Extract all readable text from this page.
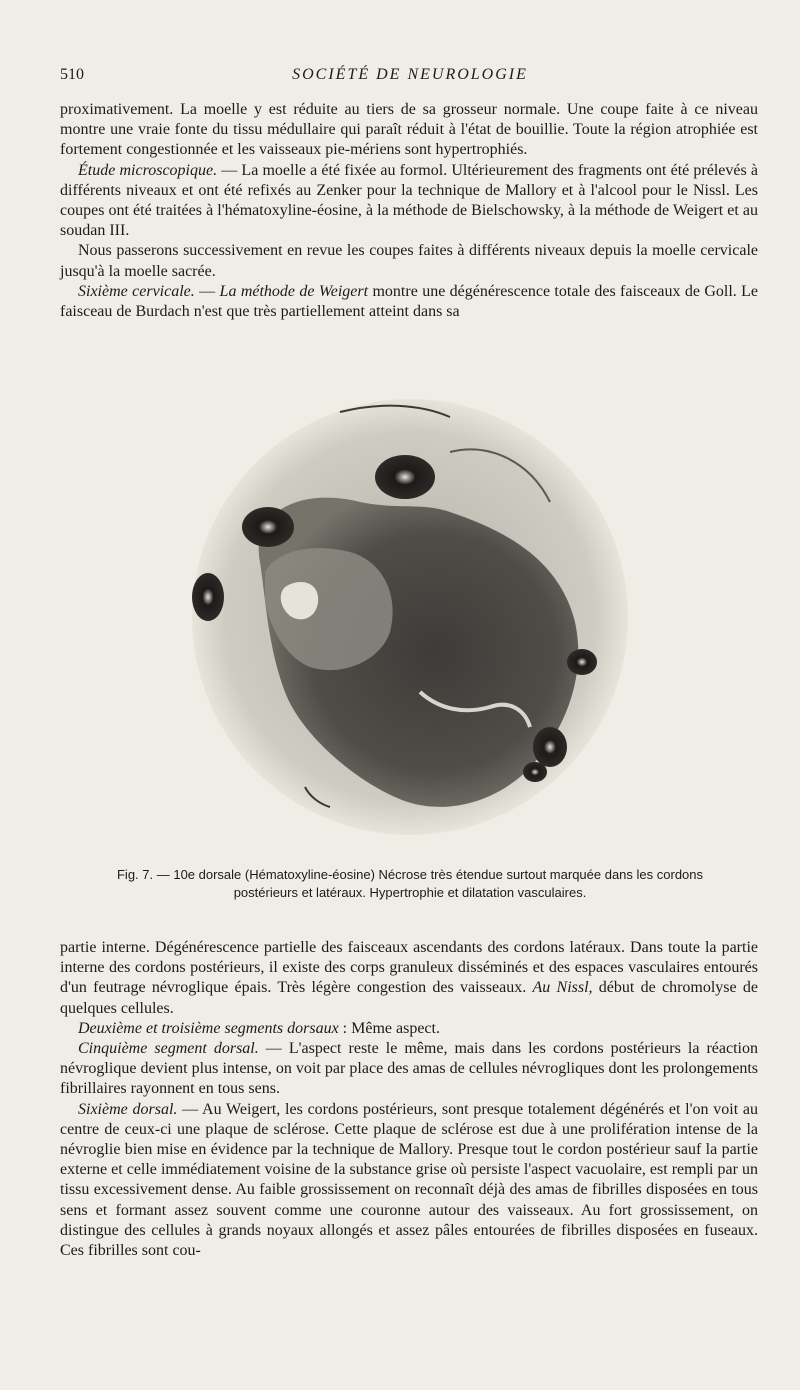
510	SOCIÉTÉ DE NEUROLOGIE

proximativement. La moelle y est réduite au tiers de sa grosseur normale. Une coupe faite à ce niveau montre une vraie fonte du tissu médullaire qui paraît réduit à l'état de bouillie. Toute la région atrophiée est fortement congestionnée et les vaisseaux pie-mériens sont hypertrophiés.

Étude microscopique. — La moelle a été fixée au formol. Ultérieurement des fragments ont été prélevés à différents niveaux et ont été refixés au Zenker pour la technique de Mallory et à l'alcool pour le Nissl. Les coupes ont été traitées à l'hématoxyline-éosine, à la méthode de Bielschowsky, à la méthode de Weigert et au soudan III.

Nous passerons successivement en revue les coupes faites à différents niveaux depuis la moelle cervicale jusqu'à la moelle sacrée.

Sixième cervicale. — La méthode de Weigert montre une dégénérescence totale des faisceaux de Goll. Le faisceau de Burdach n'est que très partiellement atteint dans sa

Fig. 7. — 10e dorsale (Hématoxyline-éosine) Nécrose très étendue surtout marquée dans les cordons postérieurs et latéraux. Hypertrophie et dilatation vasculaires.

partie interne. Dégénérescence partielle des faisceaux ascendants des cordons latéraux. Dans toute la partie interne des cordons postérieurs, il existe des corps granuleux disséminés et des espaces vasculaires entourés d'un feutrage névroglique épais. Très légère congestion des vaisseaux. Au Nissl, début de chromolyse de quelques cellules.

Deuxième et troisième segments dorsaux : Même aspect.

Cinquième segment dorsal. — L'aspect reste le même, mais dans les cordons postérieurs la réaction névroglique devient plus intense, on voit par place des amas de cellules névrogliques dont les prolongements fibrillaires rayonnent en tous sens.

Sixième dorsal. — Au Weigert, les cordons postérieurs, sont presque totalement dégénérés et l'on voit au centre de ceux-ci une plaque de sclérose. Cette plaque de sclérose est due à une prolifération intense de la névroglie bien mise en évidence par la technique de Mallory. Presque tout le cordon postérieur sauf la partie externe et celle immédiatement voisine de la substance grise où persiste l'aspect vacuolaire, est rempli par un tissu excessivement dense. Au faible grossissement on reconnaît déjà des amas de fibrilles disposées en tous sens et formant assez souvent comme une couronne autour des vaisseaux. Au fort grossissement, on distingue des cellules à grands noyaux allongés et assez pâles entourées de fibrilles disposées en fuseaux. Ces fibrilles sont cou-
